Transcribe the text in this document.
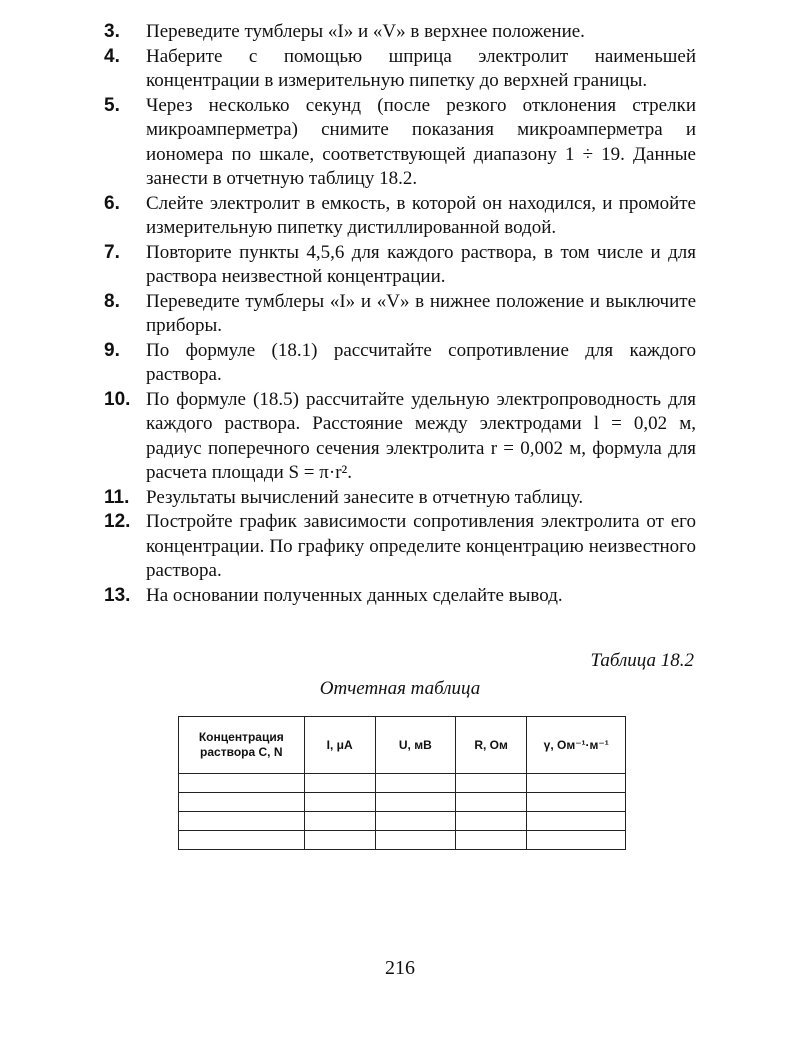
3. Переведите тумблеры «I» и «V» в верхнее положение.
4. Наберите с помощью шприца электролит наименьшей концентрации в измерительную пипетку до верхней границы.
5. Через несколько секунд (после резкого отклонения стрелки микроамперметра) снимите показания микроамперметра и иономера по шкале, соответствующей диапазону 1 ÷ 19. Данные занести в отчетную таблицу 18.2.
6. Слейте электролит в емкость, в которой он находился, и промойте измерительную пипетку дистиллированной водой.
7. Повторите пункты 4,5,6 для каждого раствора, в том числе и для раствора неизвестной концентрации.
8. Переведите тумблеры «I» и «V» в нижнее положение и выключите приборы.
9. По формуле (18.1) рассчитайте сопротивление для каждого раствора.
10. По формуле (18.5) рассчитайте удельную электропроводность для каждого раствора. Расстояние между электродами l = 0,02 м, радиус поперечного сечения электролита r = 0,002 м, формула для расчета площади S = π·r².
11. Результаты вычислений занесите в отчетную таблицу.
12. Постройте график зависимости сопротивления электролита от его концентрации. По графику определите концентрацию неизвестного раствора.
13. На основании полученных данных сделайте вывод.
Таблица 18.2
Отчетная таблица
Концентрация раствора C, N	I, μA	U, мВ	R, Ом	γ, Ом⁻¹·м⁻¹

216
